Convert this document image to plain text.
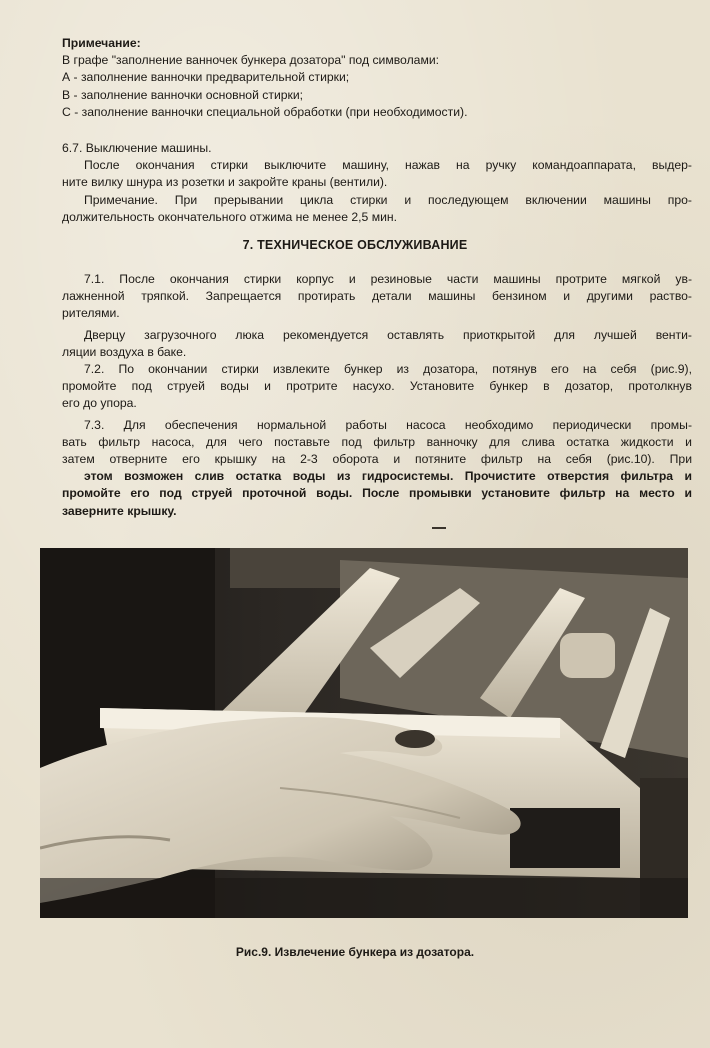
Примечание:
В графе "заполнение ванночек бункера дозатора" под символами:
А - заполнение ванночки предварительной стирки;
В - заполнение ванночки основной стирки;
С - заполнение ванночки специальной обработки (при необходимости).
6.7. Выключение машины.
После окончания стирки выключите машину, нажав на ручку командоаппарата, выдер-
ните вилку шнура из розетки и закройте краны (вентили).
Примечание. При прерывании цикла стирки и последующем включении машины про-
должительность окончательного отжима не менее 2,5 мин.
7. ТЕХНИЧЕСКОЕ ОБСЛУЖИВАНИЕ
7.1. После окончания стирки корпус и резиновые части машины протрите мягкой ув-
лажненной тряпкой. Запрещается протирать детали машины бензином и другими раство-
рителями.
Дверцу загрузочного люка рекомендуется оставлять приоткрытой для лучшей венти-
ляции воздуха в баке.
7.2. По окончании стирки извлеките бункер из дозатора, потянув его на себя (рис.9),
промойте под струей воды и протрите насухо. Установите бункер в дозатор, протолкнув
его до упора.
7.3. Для обеспечения нормальной работы насоса необходимо периодически промы-
вать фильтр насоса, для чего поставьте под фильтр ванночку для слива остатка жидкости и
затем отверните его крышку на 2-3 оборота и потяните фильтр на себя (рис.10). При
этом возможен слив остатка воды из гидросистемы. Прочистите отверстия фильтра и
промойте его под струей проточной воды. После промывки установите фильтр на место и
заверните крышку.
Рис.9. Извлечение бункера из дозатора.
